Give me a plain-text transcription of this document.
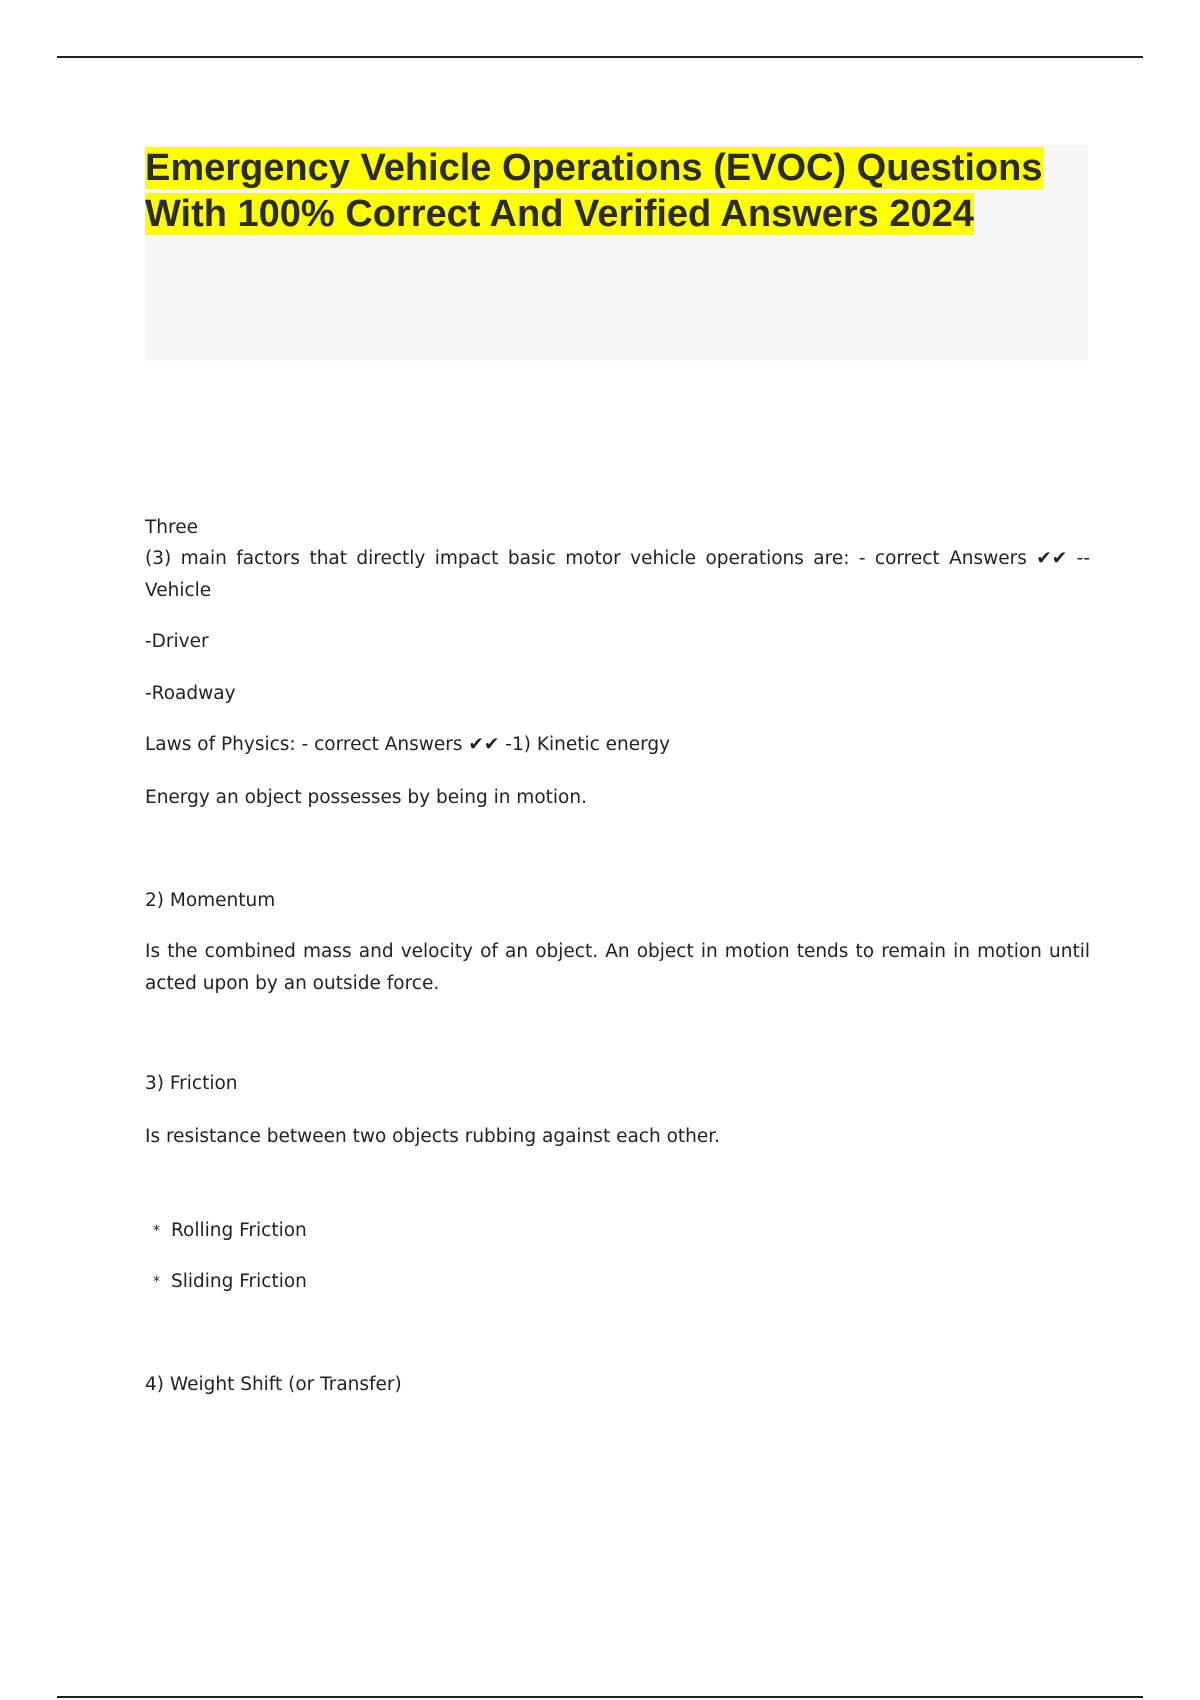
Emergency Vehicle Operations (EVOC) Questions With 100% Correct And Verified Answers 2024

Three

(3) main factors that directly impact basic motor vehicle operations are: - correct Answers ✔✔ --Vehicle

-Driver

-Roadway

Laws of Physics: - correct Answers ✔✔ -1) Kinetic energy

Energy an object possesses by being in motion.

2) Momentum

Is the combined mass and velocity of an object. An object in motion tends to remain in motion until acted upon by an outside force.

3) Friction

Is resistance between two objects rubbing against each other.

* Rolling Friction

* Sliding Friction

4) Weight Shift (or Transfer)
